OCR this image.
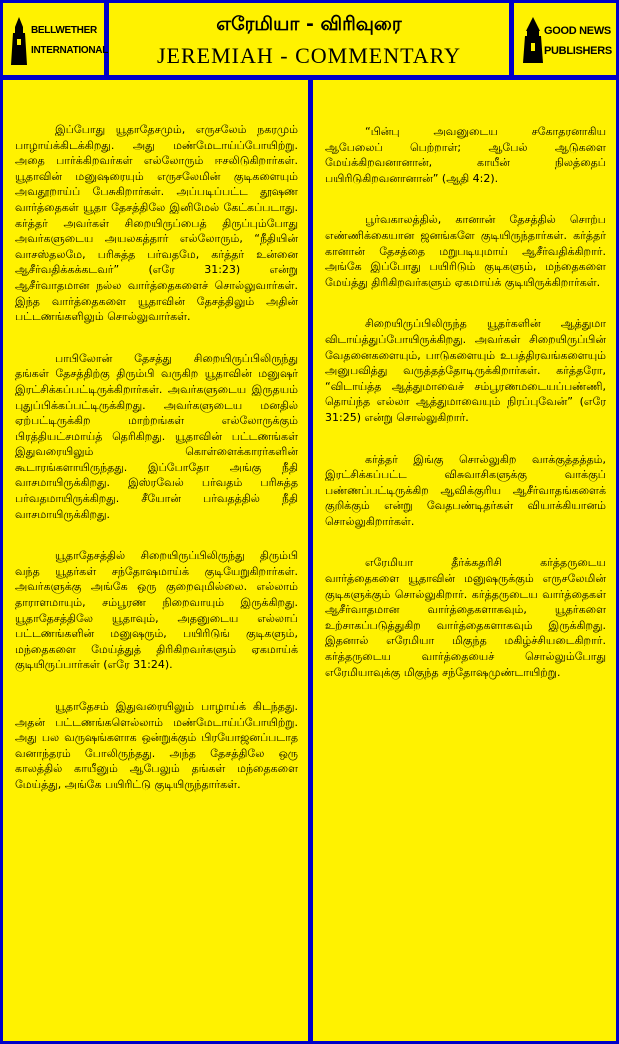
BELLWETHER
INTERNATIONAL
எரேமியா - விரிவுரை
JEREMIAH - COMMENTARY
GOOD NEWS
PUBLISHERS

இப்போது யூதாதேசமும், எருசலேம் நகரமும் பாழாய்க்கிடக்கிறது. அது மண்மேடாய்ப்போயிற்று. அதை பார்க்கிறவர்கள் எல்லோரும் ஈசலிடுகிறார்கள். யூதாவின் மனுஷரையும் எருசலேமின் குடிகளையும் அவதூறாய்ப் பேசுகிறார்கள். அப்படிப்பட்ட தூஷண வார்த்தைகள் யூதா தேசத்திலே இனிமேல் கேட்கப்படாது. கர்த்தர் அவர்கள் சிறையிருப்பைத் திருப்பும்போது அவர்களுடைய அயலகத்தார் எல்லோரும், “நீதியின் வாசஸ்தலமே, பரிசுத்த பர்வதமே, கர்த்தர் உன்னை ஆசீர்வதிக்கக்கடவர்” (எரே 31:23) என்று ஆசீர்வாதமான நல்ல வார்த்தைகளைச் சொல்லுவார்கள். இந்த வார்த்தைகளை யூதாவின் தேசத்திலும் அதின் பட்டணங்களிலும் சொல்லுவார்கள்.

பாபிலோன் தேசத்து சிறையிருப்பிலிருந்து தங்கள் தேசத்திற்கு திரும்பி வருகிற யூதாவின் மனுஷர் இரட்சிக்கப்பட்டிருக்கிறார்கள். அவர்களுடைய இருதயம் புதுப்பிக்கப்பட்டிருக்கிறது. அவர்களுடைய மனதில் ஏற்பட்டிருக்கிற மாற்றங்கள் எல்லோருக்கும் பிரத்தியட்சமாய்த் தெரிகிறது. யூதாவின் பட்டணங்கள் இதுவரையிலும் கொள்ளைக்காரர்களின் கூடாரங்களாயிருந்தது. இப்போதோ அங்கு நீதி வாசமாயிருக்கிறது. இஸ்ரவேல் பர்வதம் பரிசுத்த பர்வதமாயிருக்கிறது. சீயோன் பர்வதத்தில் நீதி வாசமாயிருக்கிறது.

யூதாதேசத்தில் சிறையிருப்பிலிருந்து திரும்பி வந்த யூதர்கள் சந்தோஷமாய்க் குடியேறுகிறார்கள். அவர்களுக்கு அங்கே ஒரு குறைவுமில்லை. எல்லாம் தாராளமாயும், சம்பூரண நிறைவாயும் இருக்கிறது. யூதாதேசத்திலே யூதாவும், அதனுடைய எல்லாப் பட்டணங்களின் மனுஷரும், பயிரிடுங் குடிகளும், மந்தைகளை மேய்த்துத் திரிகிறவர்களும் ஏகமாய்க் குடியிருப்பார்கள் (எரே 31:24).

யூதாதேசம் இதுவரையிலும் பாழாய்க் கிடந்தது. அதன் பட்டணங்களெல்லாம் மண்மேடாய்ப்போயிற்று. அது பல வருஷங்களாக ஒன்றுக்கும் பிரயோஜனப்படாத வனாந்தரம் போலிருந்தது. அந்த தேசத்திலே ஒரு காலத்தில் காயீனும் ஆபேலும் தங்கள் மந்தைகளை மேய்த்து, அங்கே பயிரிட்டு குடியிருந்தார்கள்.

“பின்பு அவனுடைய சகோதரனாகிய ஆபேலைப் பெற்றாள்; ஆபேல் ஆடுகளை மேய்க்கிறவனானான், காயீன் நிலத்தைப் பயிரிடுகிறவனானான்” (ஆதி 4:2).

பூர்வகாலத்தில், கானான் தேசத்தில் சொற்ப எண்ணிக்கையான ஜனங்களே குடியிருந்தார்கள். கர்த்தர் கானான் தேசத்தை மறுபடியுமாய் ஆசீர்வதிக்கிறார். அங்கே இப்போது பயிரிடும் குடிகளும், மந்தைகளை மேய்த்து திரிகிறவர்களும் ஏகமாய்க் குடியிருக்கிறார்கள்.

சிறையிருப்பிலிருந்த யூதர்களின் ஆத்துமா விடாய்த்துப்போயிருக்கிறது. அவர்கள் சிறையிருப்பின் வேதனைகளையும், பாடுகளையும் உபத்திரவங்களையும் அனுபவித்து வருத்தத்தோடிருக்கிறார்கள். கர்த்தரோ, “விடாய்த்த ஆத்துமாவைச் சம்பூரணமடையப்பண்ணி, தொய்ந்த எல்லா ஆத்துமாவையும் நிரப்புவேன்” (எரே 31:25) என்று சொல்லுகிறார்.

கர்த்தர் இங்கு சொல்லுகிற வாக்குத்தத்தம், இரட்சிக்கப்பட்ட விசுவாசிகளுக்கு வாக்குப் பண்ணப்பட்டிருக்கிற ஆவிக்குரிய ஆசீர்வாதங்களைக் குறிக்கும் என்று வேதபண்டிதர்கள் வியாக்கியானம் சொல்லுகிறார்கள்.

எரேமியா தீர்க்கதரிசி கர்த்தருடைய வார்த்தைகளை யூதாவின் மனுஷருக்கும் எருசலேமின் குடிகளுக்கும் சொல்லுகிறார். கர்த்தருடைய வார்த்தைகள் ஆசீர்வாதமான வார்த்தைகளாகவும், யூதர்களை உற்சாகப்படுத்துகிற வார்த்தைகளாகவும் இருக்கிறது. இதனால் எரேமியா மிகுந்த மகிழ்ச்சியடைகிறார். கர்த்தருடைய வார்த்தையைச் சொல்லும்போது எரேமியாவுக்கு மிகுந்த சந்தோஷமுண்டாயிற்று.
